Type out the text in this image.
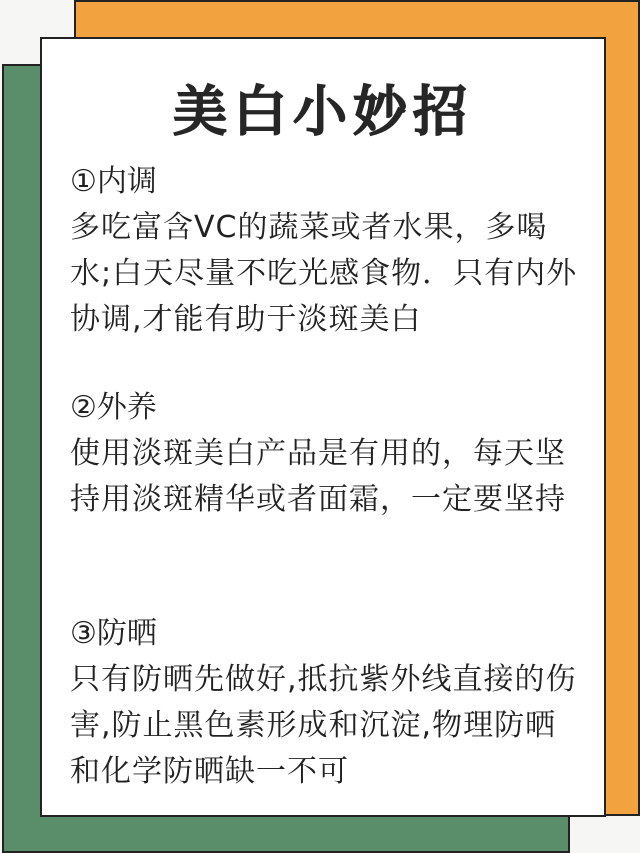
美白小妙招
①内调
多吃富含VC的蔬菜或者水果，多喝水;白天尽量不吃光感食物．只有内外协调,才能有助于淡斑美白
②外养
使用淡斑美白产品是有用的，每天坚持用淡斑精华或者面霜，一定要坚持
③防晒
只有防晒先做好,抵抗紫外线直接的伤害,防止黑色素形成和沉淀,物理防晒和化学防晒缺一不可
